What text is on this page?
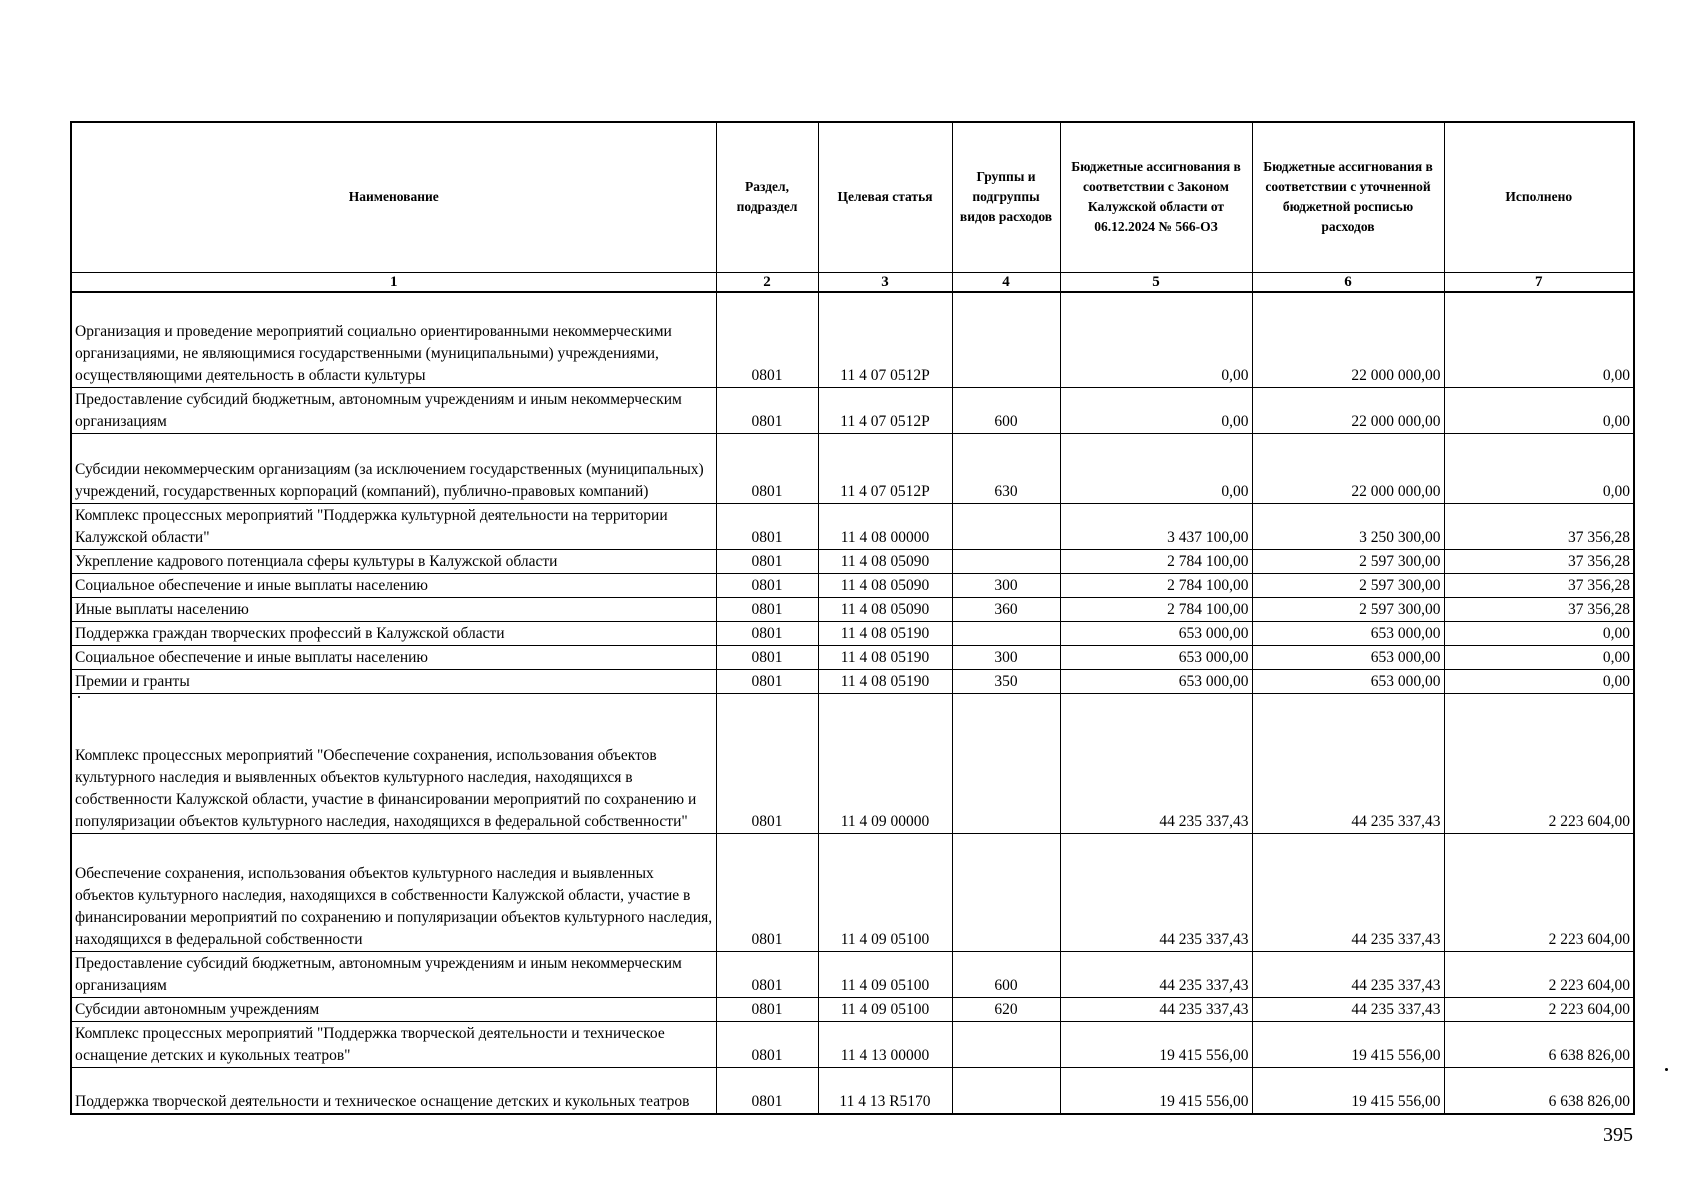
Наименование	Раздел, подраздел	Целевая статья	Группы и подгруппы видов расходов	Бюджетные ассигнования в соответствии с Законом Калужской области от 06.12.2024 № 566-ОЗ	Бюджетные ассигнования в соответствии с уточненной бюджетной росписью расходов	Исполнено
1	2	3	4	5	6	7
Организация и проведение мероприятий социально ориентированными некоммерческими организациями, не являющимися государственными (муниципальными) учреждениями, осуществляющими деятельность в области культуры	0801	11 4 07 0512Р		0,00	22 000 000,00	0,00
Предоставление субсидий бюджетным, автономным учреждениям и иным некоммерческим организациям	0801	11 4 07 0512Р	600	0,00	22 000 000,00	0,00
Субсидии некоммерческим организациям (за исключением государственных (муниципальных) учреждений, государственных корпораций (компаний), публично-правовых компаний)	0801	11 4 07 0512Р	630	0,00	22 000 000,00	0,00
Комплекс процессных мероприятий "Поддержка культурной деятельности на территории Калужской области"	0801	11 4 08 00000		3 437 100,00	3 250 300,00	37 356,28
Укрепление кадрового потенциала сферы культуры в Калужской области	0801	11 4 08 05090		2 784 100,00	2 597 300,00	37 356,28
Социальное обеспечение и иные выплаты населению	0801	11 4 08 05090	300	2 784 100,00	2 597 300,00	37 356,28
Иные выплаты населению	0801	11 4 08 05090	360	2 784 100,00	2 597 300,00	37 356,28
Поддержка граждан творческих профессий в Калужской области	0801	11 4 08 05190		653 000,00	653 000,00	0,00
Социальное обеспечение и иные выплаты населению	0801	11 4 08 05190	300	653 000,00	653 000,00	0,00
Премии и гранты	0801	11 4 08 05190	350	653 000,00	653 000,00	0,00
Комплекс процессных мероприятий "Обеспечение сохранения, использования объектов культурного наследия и выявленных объектов культурного наследия, находящихся в собственности Калужской области, участие в финансировании мероприятий по сохранению и популяризации объектов культурного наследия, находящихся в федеральной собственности"	0801	11 4 09 00000		44 235 337,43	44 235 337,43	2 223 604,00
Обеспечение сохранения, использования объектов культурного наследия и выявленных объектов культурного наследия, находящихся в собственности Калужской области, участие в финансировании мероприятий по сохранению и популяризации объектов культурного наследия, находящихся в федеральной собственности	0801	11 4 09 05100		44 235 337,43	44 235 337,43	2 223 604,00
Предоставление субсидий бюджетным, автономным учреждениям и иным некоммерческим организациям	0801	11 4 09 05100	600	44 235 337,43	44 235 337,43	2 223 604,00
Субсидии автономным учреждениям	0801	11 4 09 05100	620	44 235 337,43	44 235 337,43	2 223 604,00
Комплекс процессных мероприятий "Поддержка творческой деятельности и техническое оснащение детских и кукольных театров"	0801	11 4 13 00000		19 415 556,00	19 415 556,00	6 638 826,00
Поддержка творческой деятельности и техническое оснащение детских и кукольных театров	0801	11 4 13 R5170		19 415 556,00	19 415 556,00	6 638 826,00
395
